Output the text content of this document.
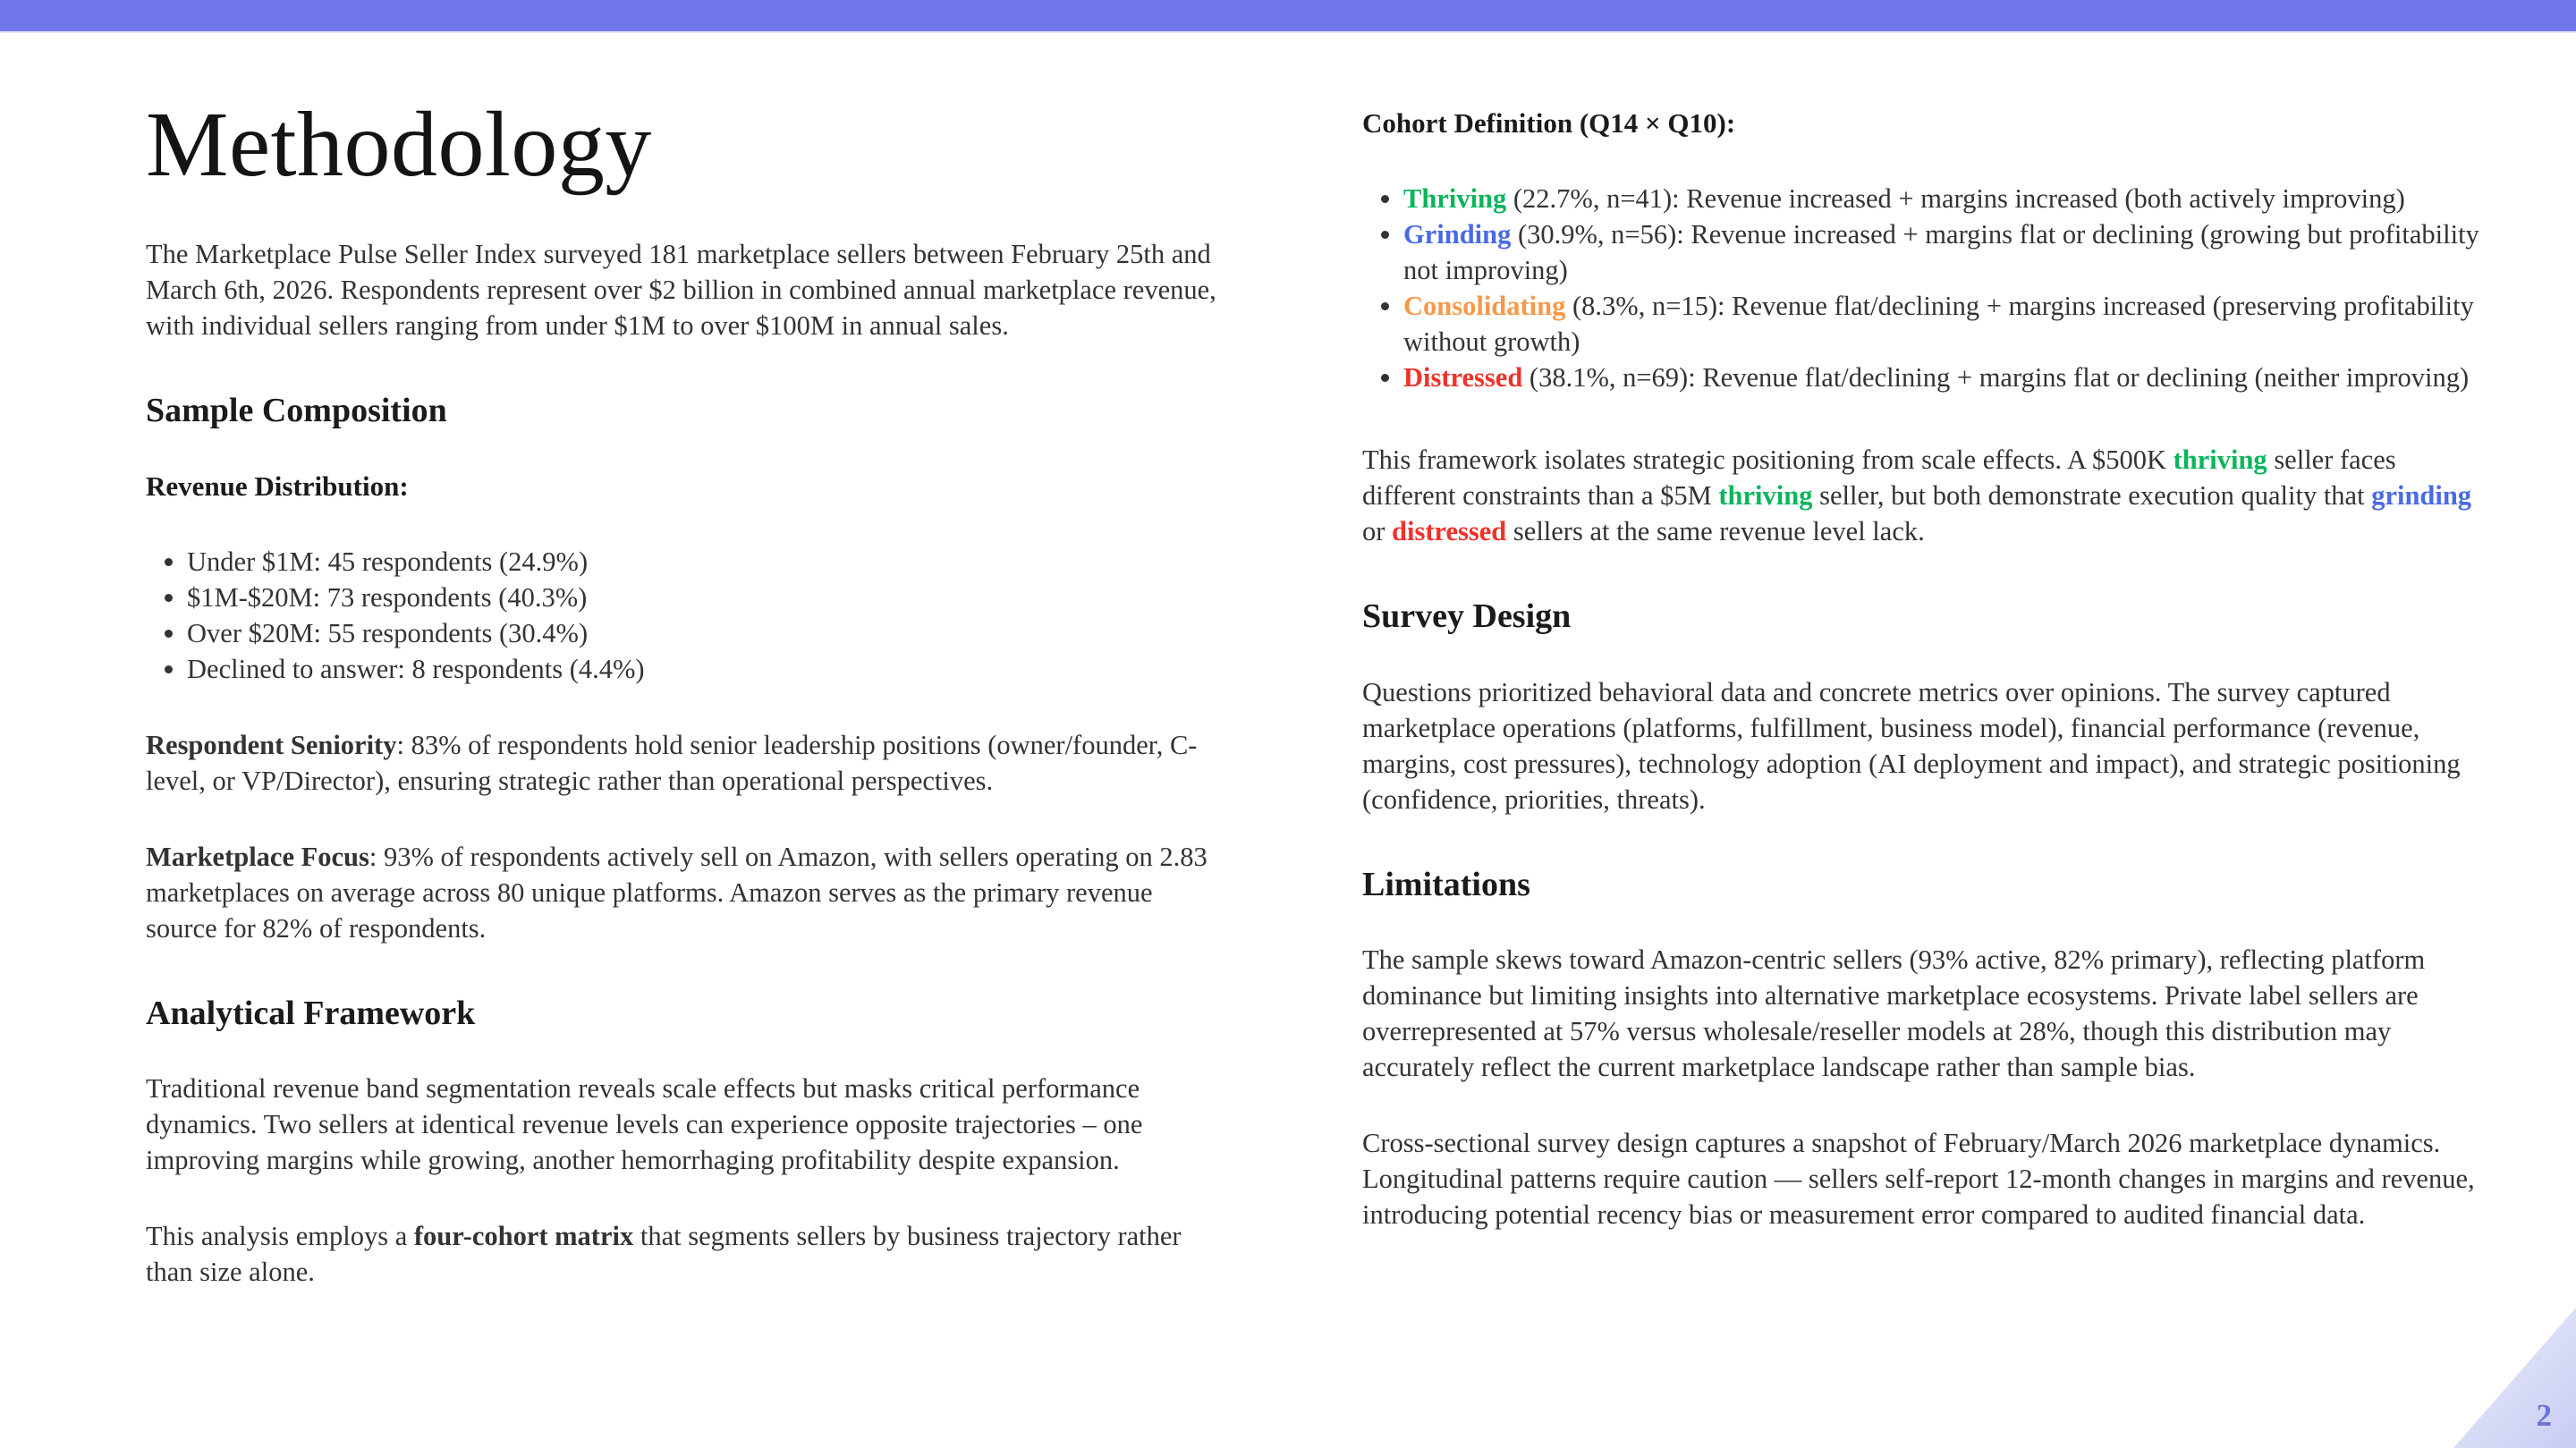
Methodology

The Marketplace Pulse Seller Index surveyed 181 marketplace sellers between February 25th and March 6th, 2026. Respondents represent over $2 billion in combined annual marketplace revenue, with individual sellers ranging from under $1M to over $100M in annual sales.

Sample Composition
Revenue Distribution:
• Under $1M: 45 respondents (24.9%)
• $1M-$20M: 73 respondents (40.3%)
• Over $20M: 55 respondents (30.4%)
• Declined to answer: 8 respondents (4.4%)

Respondent Seniority: 83% of respondents hold senior leadership positions (owner/founder, C-level, or VP/Director), ensuring strategic rather than operational perspectives.

Marketplace Focus: 93% of respondents actively sell on Amazon, with sellers operating on 2.83 marketplaces on average across 80 unique platforms. Amazon serves as the primary revenue source for 82% of respondents.

Analytical Framework

Traditional revenue band segmentation reveals scale effects but masks critical performance dynamics. Two sellers at identical revenue levels can experience opposite trajectories – one improving margins while growing, another hemorrhaging profitability despite expansion.

This analysis employs a four-cohort matrix that segments sellers by business trajectory rather than size alone.

Cohort Definition (Q14 × Q10):
• Thriving (22.7%, n=41): Revenue increased + margins increased (both actively improving)
• Grinding (30.9%, n=56): Revenue increased + margins flat or declining (growing but profitability not improving)
• Consolidating (8.3%, n=15): Revenue flat/declining + margins increased (preserving profitability without growth)
• Distressed (38.1%, n=69): Revenue flat/declining + margins flat or declining (neither improving)

This framework isolates strategic positioning from scale effects. A $500K thriving seller faces different constraints than a $5M thriving seller, but both demonstrate execution quality that grinding or distressed sellers at the same revenue level lack.

Survey Design

Questions prioritized behavioral data and concrete metrics over opinions. The survey captured marketplace operations (platforms, fulfillment, business model), financial performance (revenue, margins, cost pressures), technology adoption (AI deployment and impact), and strategic positioning (confidence, priorities, threats).

Limitations

The sample skews toward Amazon-centric sellers (93% active, 82% primary), reflecting platform dominance but limiting insights into alternative marketplace ecosystems. Private label sellers are overrepresented at 57% versus wholesale/reseller models at 28%, though this distribution may accurately reflect the current marketplace landscape rather than sample bias.

Cross-sectional survey design captures a snapshot of February/March 2026 marketplace dynamics. Longitudinal patterns require caution — sellers self-report 12-month changes in margins and revenue, introducing potential recency bias or measurement error compared to audited financial data.

2
